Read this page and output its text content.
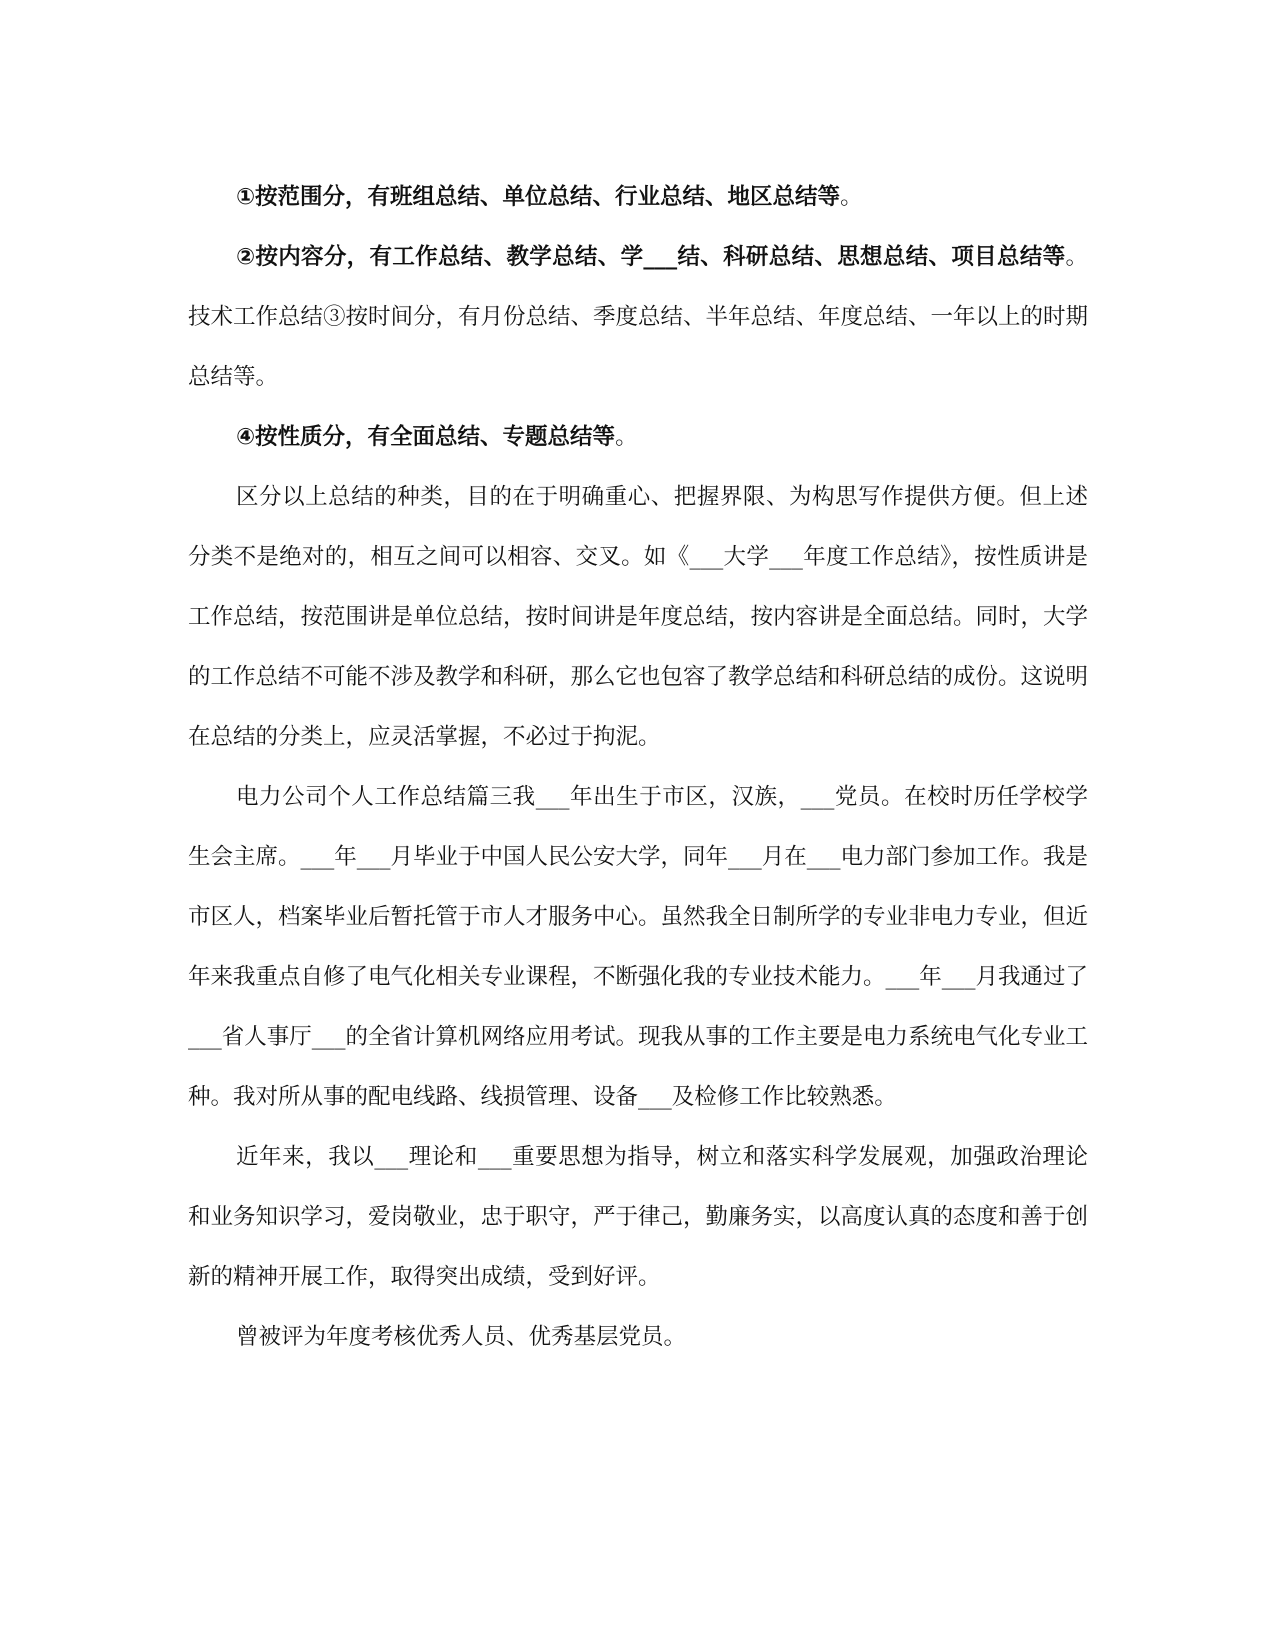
①按范围分，有班组总结、单位总结、行业总结、地区总结等。

②按内容分，有工作总结、教学总结、学___结、科研总结、思想总结、项目总结等。技术工作总结③按时间分，有月份总结、季度总结、半年总结、年度总结、一年以上的时期总结等。

④按性质分，有全面总结、专题总结等。

区分以上总结的种类，目的在于明确重心、把握界限、为构思写作提供方便。但上述分类不是绝对的，相互之间可以相容、交叉。如《___大学___年度工作总结》，按性质讲是工作总结，按范围讲是单位总结，按时间讲是年度总结，按内容讲是全面总结。同时，大学的工作总结不可能不涉及教学和科研，那么它也包容了教学总结和科研总结的成份。这说明在总结的分类上，应灵活掌握，不必过于拘泥。

电力公司个人工作总结篇三我___年出生于市区，汉族，___党员。在校时历任学校学生会主席。___年___月毕业于中国人民公安大学，同年___月在___电力部门参加工作。我是市区人，档案毕业后暂托管于市人才服务中心。虽然我全日制所学的专业非电力专业，但近年来我重点自修了电气化相关专业课程，不断强化我的专业技术能力。___年___月我通过了___省人事厅___的全省计算机网络应用考试。现我从事的工作主要是电力系统电气化专业工种。我对所从事的配电线路、线损管理、设备___及检修工作比较熟悉。

近年来，我以___理论和___重要思想为指导，树立和落实科学发展观，加强政治理论和业务知识学习，爱岗敬业，忠于职守，严于律己，勤廉务实，以高度认真的态度和善于创新的精神开展工作，取得突出成绩，受到好评。

曾被评为年度考核优秀人员、优秀基层党员。
